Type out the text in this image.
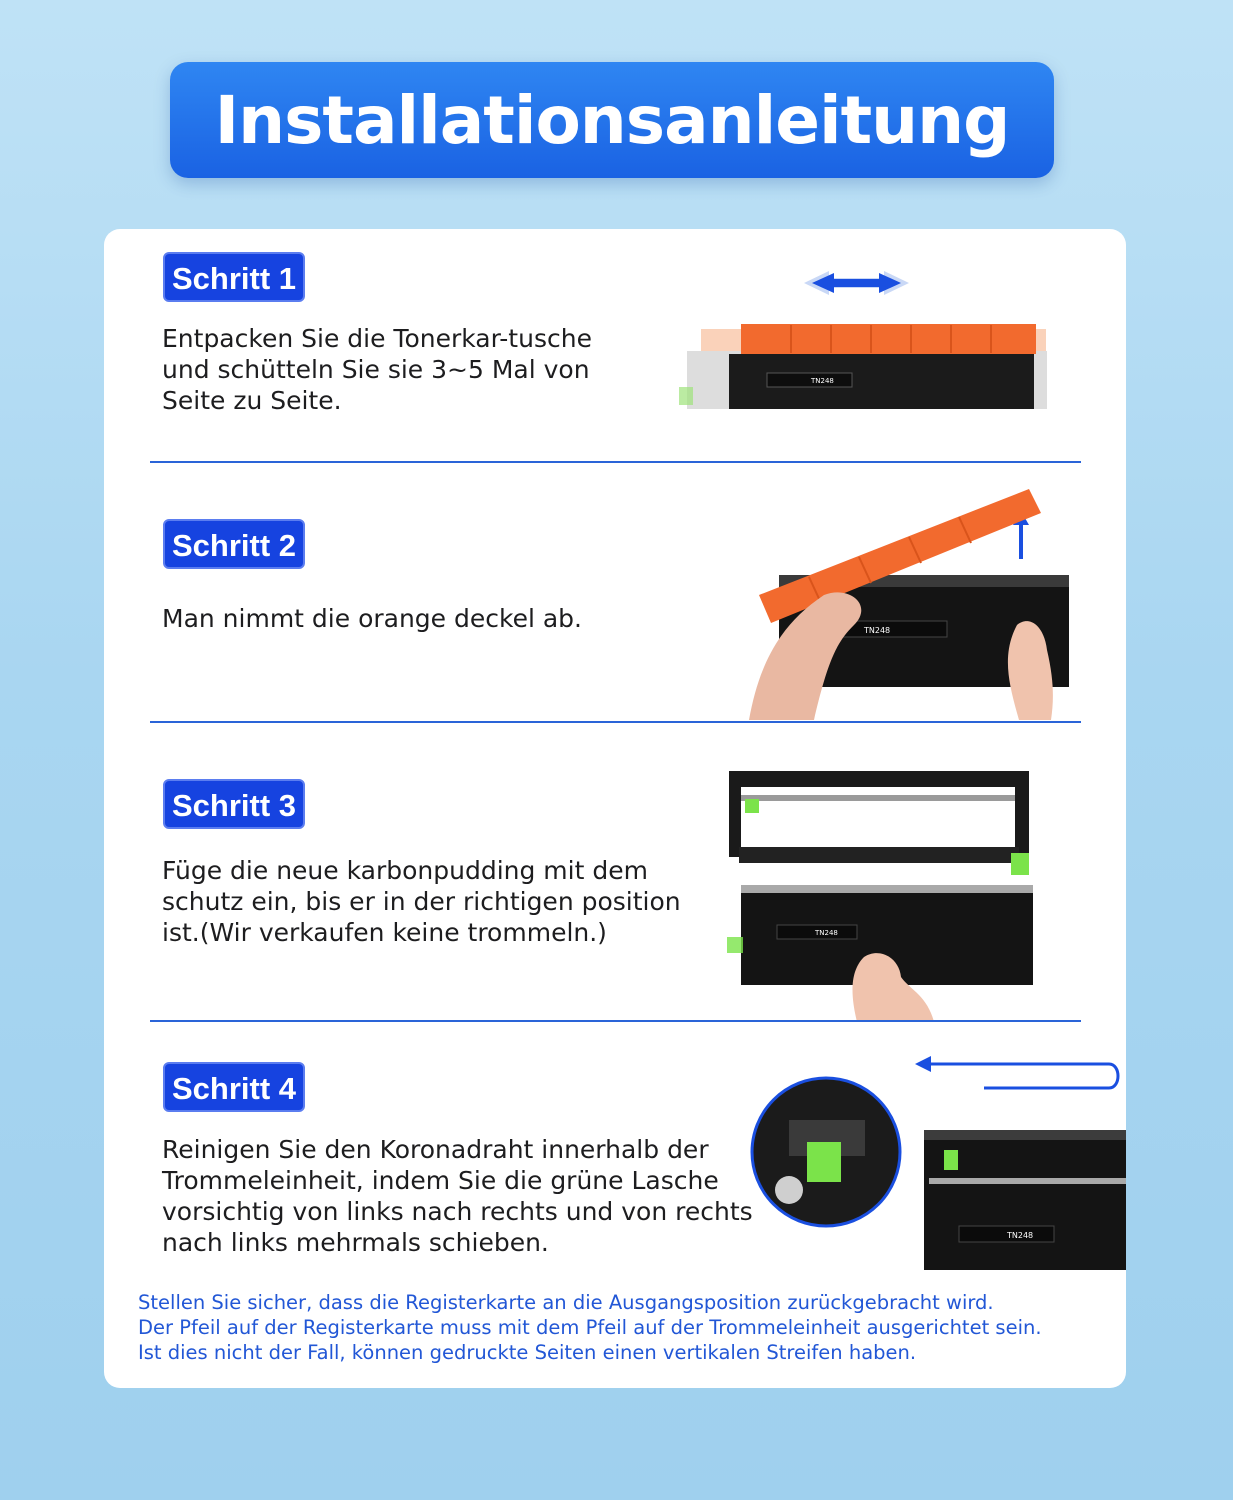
Installationsanleitung
Schritt 1

Entpacken Sie die Tonerkar-tusche
und schütteln Sie sie 3~5 Mal von
Seite zu Seite.

TN248
Schritt 2

Man nimmt die orange deckel ab.	TN248
Schritt 3

Füge die neue karbonpudding mit dem
schutz ein, bis er in der richtigen position
ist.(Wir verkaufen keine trommeln.)	TN248
Schritt 4

Reinigen Sie den Koronadraht innerhalb der
Trommeleinheit, indem Sie die grüne Lasche
vorsichtig von links nach rechts und von rechts
nach links mehrmals schieben.	TN248

Stellen Sie sicher, dass die Registerkarte an die Ausgangsposition zurückgebracht wird.
Der Pfeil auf der Registerkarte muss mit dem Pfeil auf der Trommeleinheit ausgerichtet sein.
Ist dies nicht der Fall, können gedruckte Seiten einen vertikalen Streifen haben.
